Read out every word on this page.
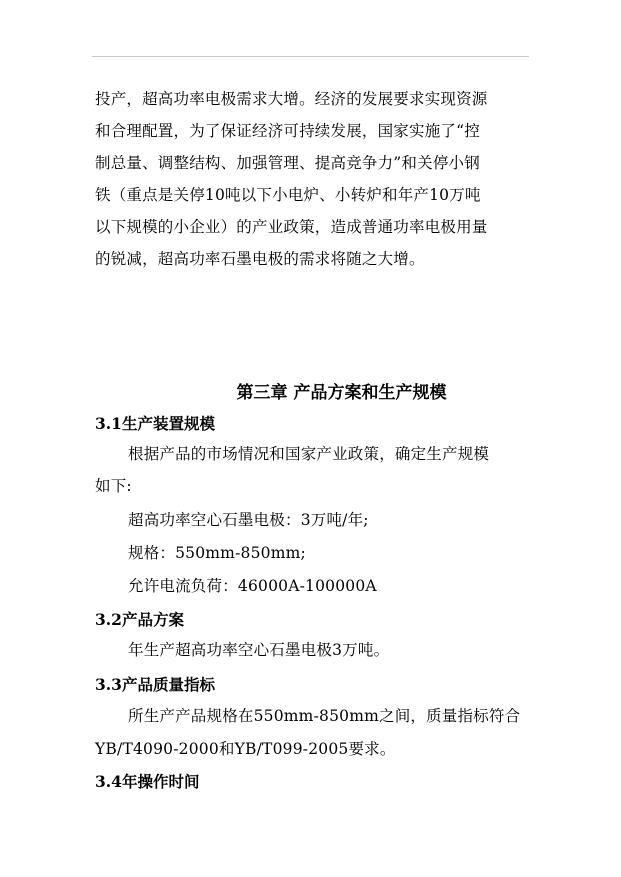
投产，超高功率电极需求大增。经济的发展要求实现资源
和合理配置，为了保证经济可持续发展，国家实施了“控
制总量、调整结构、加强管理、提高竞争力”和关停小钢
铁（重点是关停10吨以下小电炉、小转炉和年产10万吨
以下规模的小企业）的产业政策，造成普通功率电极用量
的锐减，超高功率石墨电极的需求将随之大增。
第三章 产品方案和生产规模
3.1生产装置规模
根据产品的市场情况和国家产业政策，确定生产规模
如下:
超高功率空心石墨电极：3万吨/年;
规格：550mm-850mm;
允许电流负荷：46000A-100000A
3.2产品方案
年生产超高功率空心石墨电极3万吨。
3.3产品质量指标
所生产产品规格在550mm-850mm之间，质量指标符合
YB/T4090-2000和YB/T099-2005要求。
3.4年操作时间
